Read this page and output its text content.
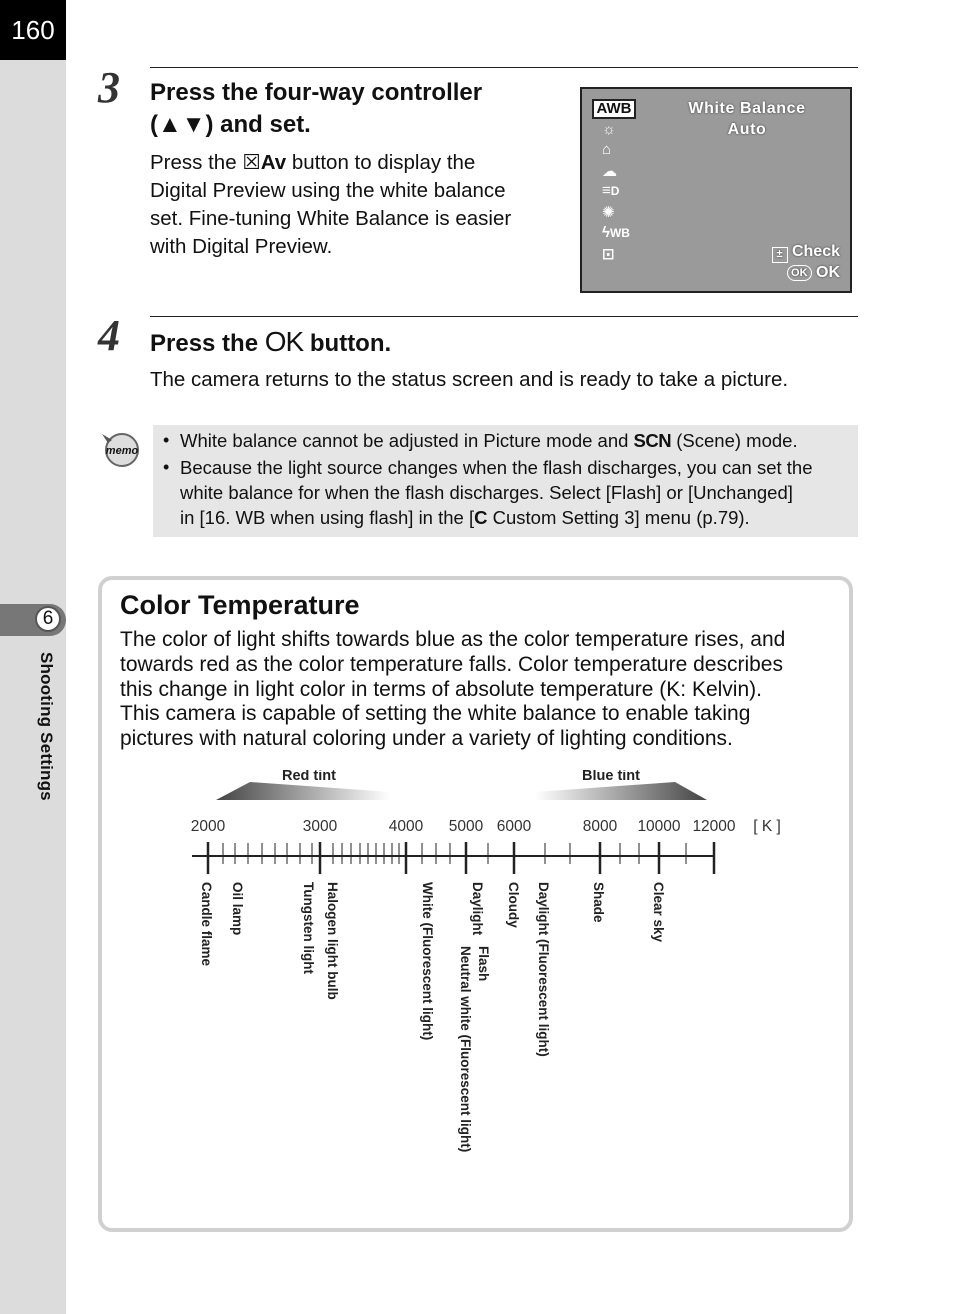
160
6
Shooting Settings
3 Press the four-way controller
(▲▼) and set.
Press the ☒Av button to display the
Digital Preview using the white balance
set. Fine-tuning White Balance is easier
with Digital Preview.
AWB
☼
⌂
☁
≡D
✺
ϟWB
⊡
White Balance
Auto
± Check
OK OK
4 Press the OK button.
The camera returns to the status screen and is ready to take a picture.
memo
• White balance cannot be adjusted in Picture mode and SCN (Scene) mode.
• Because the light source changes when the flash discharges, you can set the
white balance for when the flash discharges. Select [Flash] or [Unchanged]
in [16. WB when using flash] in the [C Custom Setting 3] menu (p.79).
Color Temperature
The color of light shifts towards blue as the color temperature rises, and
towards red as the color temperature falls. Color temperature describes
this change in light color in terms of absolute temperature (K: Kelvin).
This camera is capable of setting the white balance to enable taking
pictures with natural coloring under a variety of lighting conditions.
Red tint	Blue tint
2000	3000	4000 5000 6000	8000 10000 12000 [ K ]
Candle flame Oil lamp	Tungsten light Halogen light bulb	White (Fluorescent light) Neutral white (Fluorescent light)
Daylight
Flash
Cloudy Daylight (Fluorescent light)	Shade	Clear sky
